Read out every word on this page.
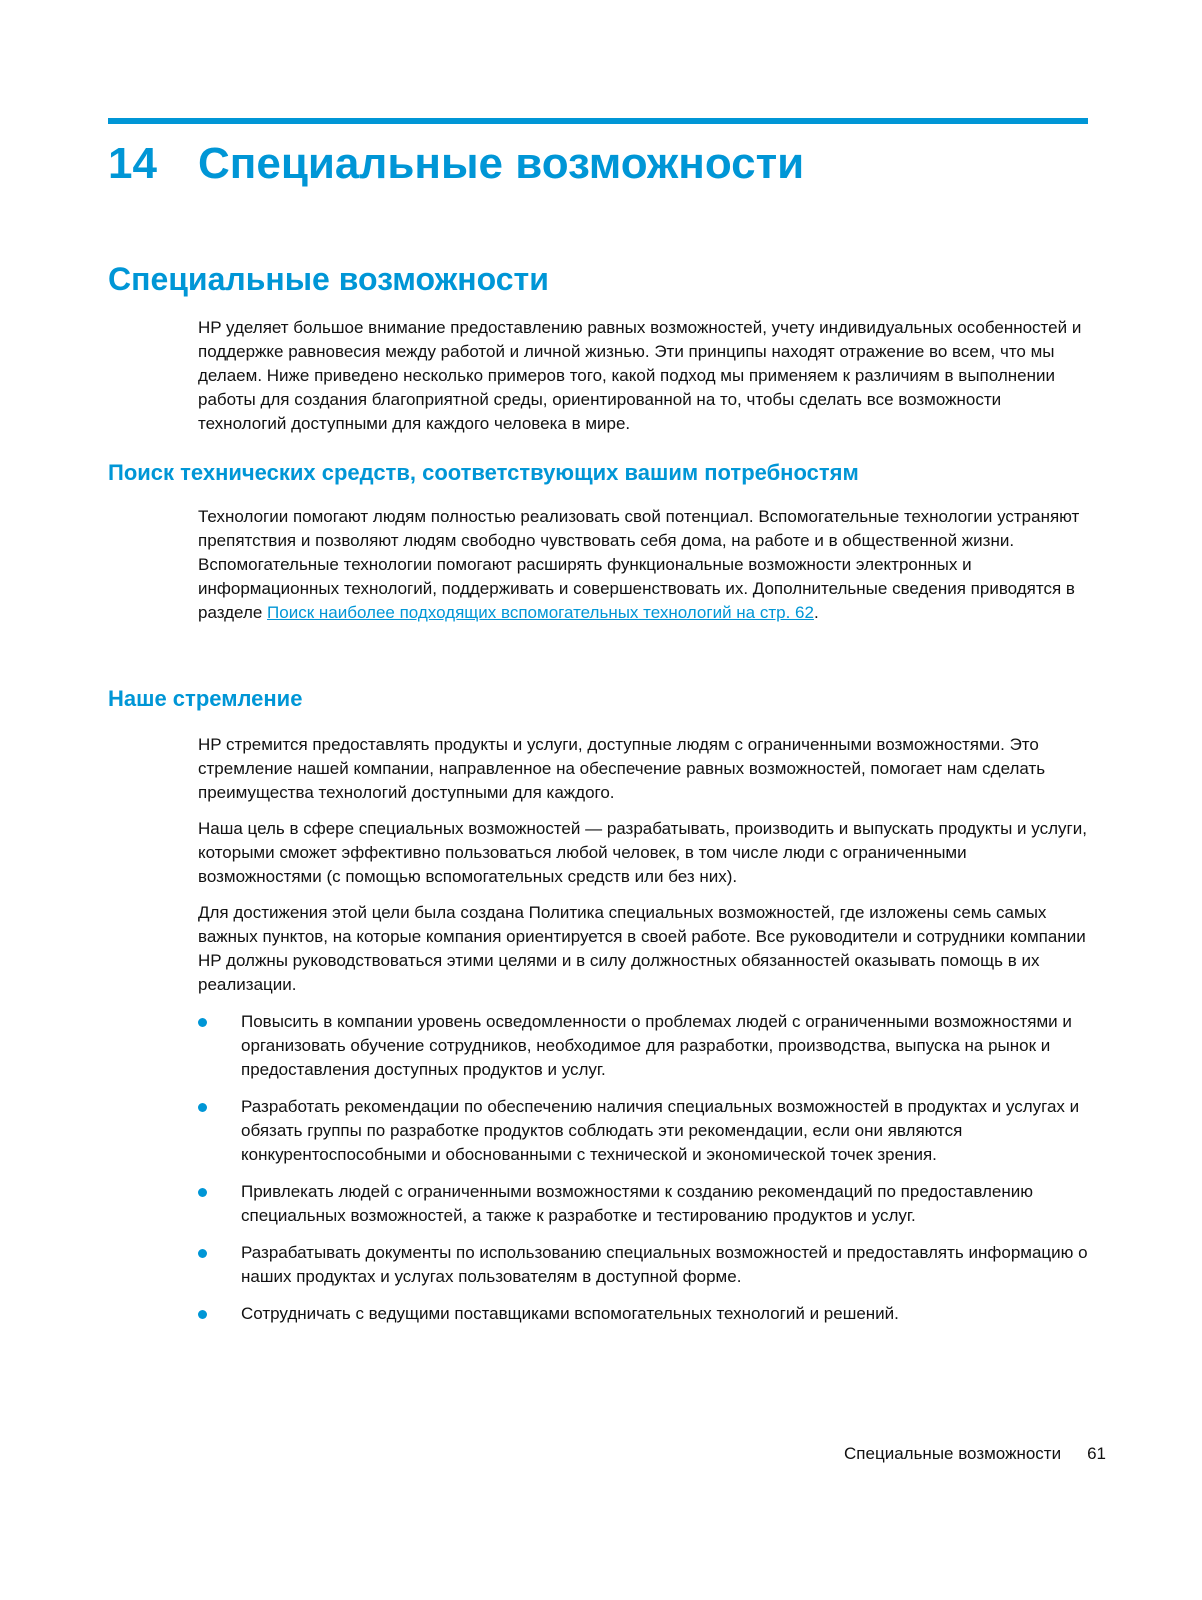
14 Специальные возможности
Специальные возможности

HP уделяет большое внимание предоставлению равных возможностей, учету индивидуальных особенностей и поддержке равновесия между работой и личной жизнью. Эти принципы находят отражение во всем, что мы делаем. Ниже приведено несколько примеров того, какой подход мы применяем к различиям в выполнении работы для создания благоприятной среды, ориентированной на то, чтобы сделать все возможности технологий доступными для каждого человека в мире.

Поиск технических средств, соответствующих вашим потребностям

Технологии помогают людям полностью реализовать свой потенциал. Вспомогательные технологии устраняют препятствия и позволяют людям свободно чувствовать себя дома, на работе и в общественной жизни. Вспомогательные технологии помогают расширять функциональные возможности электронных и информационных технологий, поддерживать и совершенствовать их. Дополнительные сведения приводятся в разделе Поиск наиболее подходящих вспомогательных технологий на стр. 62.

Наше стремление

HP стремится предоставлять продукты и услуги, доступные людям с ограниченными возможностями. Это стремление нашей компании, направленное на обеспечение равных возможностей, помогает нам сделать преимущества технологий доступными для каждого.

Наша цель в сфере специальных возможностей — разрабатывать, производить и выпускать продукты и услуги, которыми сможет эффективно пользоваться любой человек, в том числе люди с ограниченными возможностями (с помощью вспомогательных средств или без них).

Для достижения этой цели была создана Политика специальных возможностей, где изложены семь самых важных пунктов, на которые компания ориентируется в своей работе. Все руководители и сотрудники компании HP должны руководствоваться этими целями и в силу должностных обязанностей оказывать помощь в их реализации.

Повысить в компании уровень осведомленности о проблемах людей с ограниченными возможностями и организовать обучение сотрудников, необходимое для разработки, производства, выпуска на рынок и предоставления доступных продуктов и услуг.
Разработать рекомендации по обеспечению наличия специальных возможностей в продуктах и услугах и обязать группы по разработке продуктов соблюдать эти рекомендации, если они являются конкурентоспособными и обоснованными с технической и экономической точек зрения.
Привлекать людей с ограниченными возможностями к созданию рекомендаций по предоставлению специальных возможностей, а также к разработке и тестированию продуктов и услуг.
Разрабатывать документы по использованию специальных возможностей и предоставлять информацию о наших продуктах и услугах пользователям в доступной форме.
Сотрудничать с ведущими поставщиками вспомогательных технологий и решений.
Специальные возможности 61
